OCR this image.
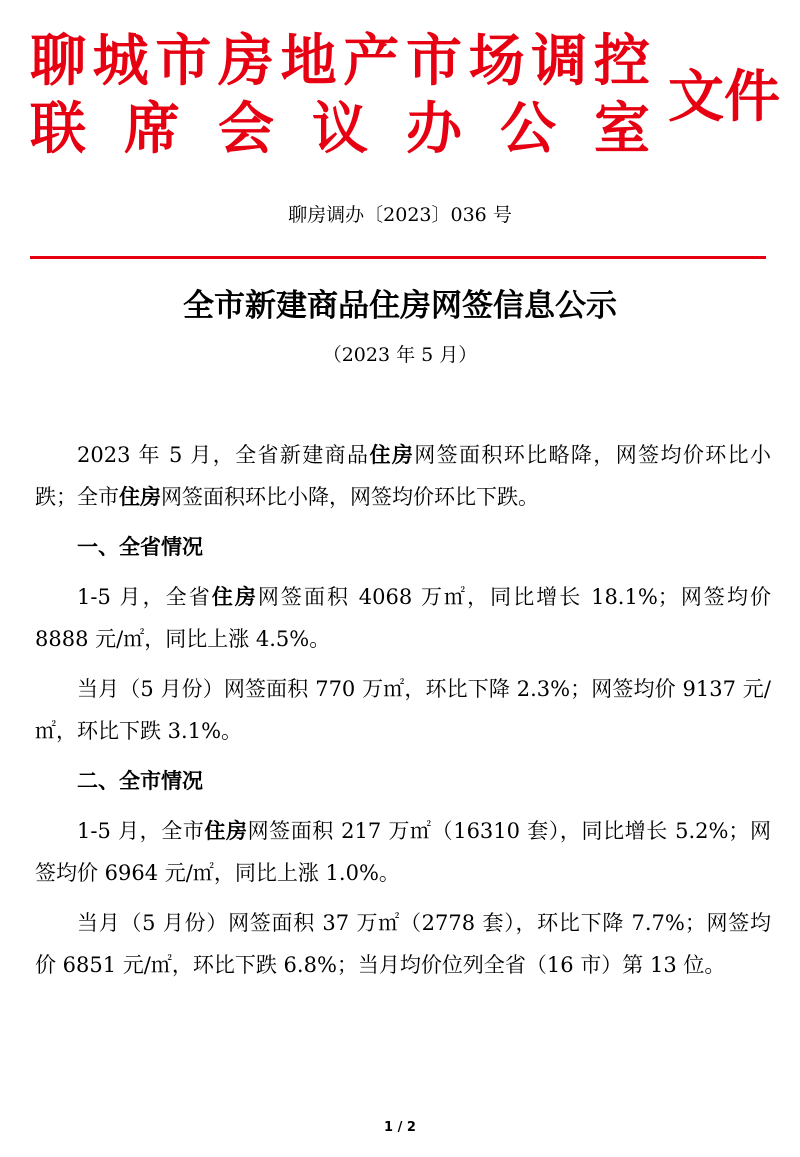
聊 城 市 房 地 产 市 场 调 控
联 席 会 议 办 公 室 文件
聊房调办〔2023〕036 号
全市新建商品住房网签信息公示
（2023 年 5 月）

2023 年 5 月，全省新建商品住房网签面积环比略降，网签均价环比小跌；全市住房网签面积环比小降，网签均价环比下跌。

一、全省情况

1-5 月，全省住房网签面积 4068 万㎡，同比增长 18.1%；网签均价 8888 元/㎡，同比上涨 4.5%。

当月（5 月份）网签面积 770 万㎡，环比下降 2.3%；网签均价 9137 元/㎡，环比下跌 3.1%。

二、全市情况

1-5 月，全市住房网签面积 217 万㎡（16310 套），同比增长 5.2%；网签均价 6964 元/㎡，同比上涨 1.0%。

当月（5 月份）网签面积 37 万㎡（2778 套），环比下降 7.7%；网签均价 6851 元/㎡，环比下跌 6.8%；当月均价位列全省（16 市）第 13 位。

1 / 2
